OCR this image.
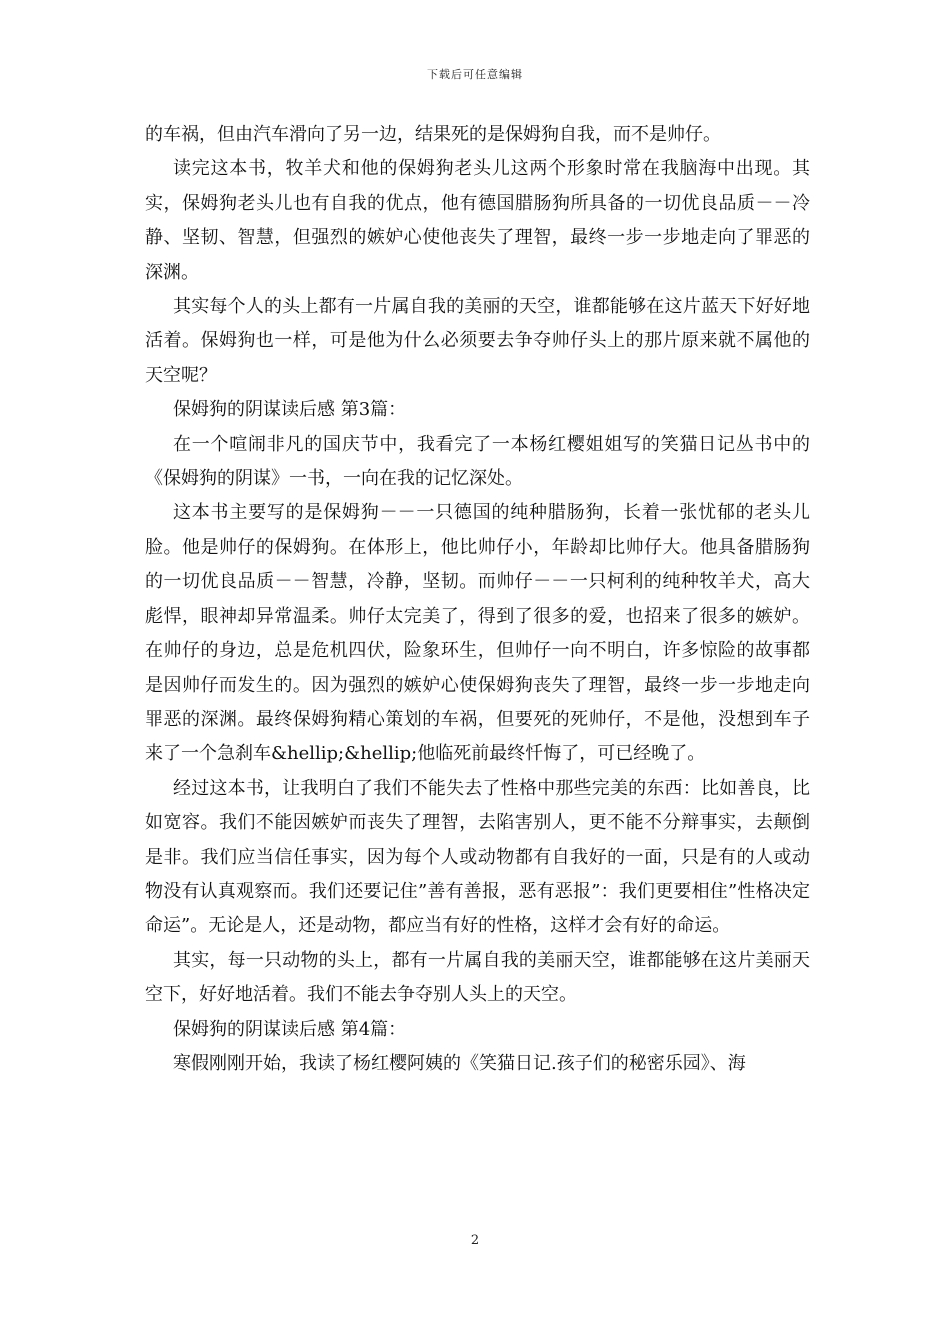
下载后可任意编辑

的车祸，但由汽车滑向了另一边，结果死的是保姆狗自我，而不是帅仔。

读完这本书，牧羊犬和他的保姆狗老头儿这两个形象时常在我脑海中出现。其实，保姆狗老头儿也有自我的优点，他有德国腊肠狗所具备的一切优良品质－－冷静、坚韧、智慧，但强烈的嫉妒心使他丧失了理智，最终一步一步地走向了罪恶的深渊。

其实每个人的头上都有一片属自我的美丽的天空，谁都能够在这片蓝天下好好地活着。保姆狗也一样，可是他为什么必须要去争夺帅仔头上的那片原来就不属他的天空呢？

保姆狗的阴谋读后感 第3篇：

在一个喧闹非凡的国庆节中，我看完了一本杨红樱姐姐写的笑猫日记丛书中的《保姆狗的阴谋》一书，一向在我的记忆深处。

这本书主要写的是保姆狗－－一只德国的纯种腊肠狗，长着一张忧郁的老头儿脸。他是帅仔的保姆狗。在体形上，他比帅仔小，年龄却比帅仔大。他具备腊肠狗的一切优良品质－－智慧，冷静，坚韧。而帅仔－－一只柯利的纯种牧羊犬，高大彪悍，眼神却异常温柔。帅仔太完美了，得到了很多的爱，也招来了很多的嫉妒。在帅仔的身边，总是危机四伏，险象环生，但帅仔一向不明白，许多惊险的故事都是因帅仔而发生的。因为强烈的嫉妒心使保姆狗丧失了理智，最终一步一步地走向罪恶的深渊。最终保姆狗精心策划的车祸，但要死的死帅仔，不是他，没想到车子来了一个急刹车&hellip;&hellip;他临死前最终忏悔了，可已经晚了。

经过这本书，让我明白了我们不能失去了性格中那些完美的东西：比如善良，比如宽容。我们不能因嫉妒而丧失了理智，去陷害别人，更不能不分辩事实，去颠倒是非。我们应当信任事实，因为每个人或动物都有自我好的一面，只是有的人或动物没有认真观察而。我们还要记住”善有善报，恶有恶报”：我们更要相住”性格决定命运”。无论是人，还是动物，都应当有好的性格，这样才会有好的命运。

其实，每一只动物的头上，都有一片属自我的美丽天空，谁都能够在这片美丽天空下，好好地活着。我们不能去争夺别人头上的天空。

保姆狗的阴谋读后感 第4篇：

寒假刚刚开始，我读了杨红樱阿姨的《笑猫日记.孩子们的秘密乐园》、海

2
